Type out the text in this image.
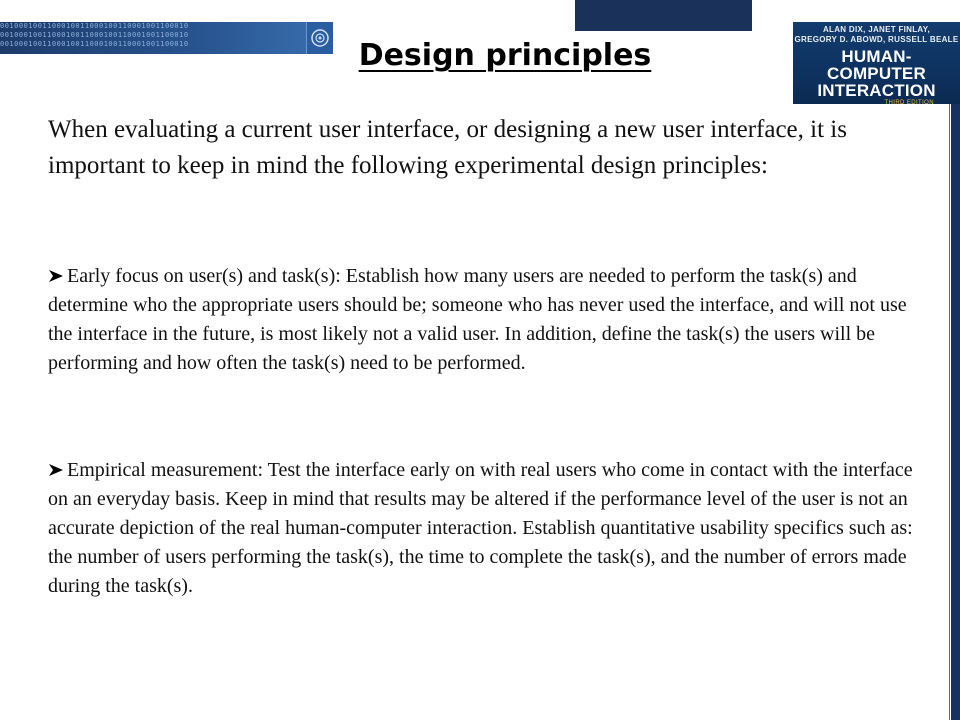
0010001001100010011000100110001001100010
0010001001100010011000100110001001100010
0010001001100010011000100110001001100010
ALAN DIX, JANET FINLAY,
GREGORY D. ABOWD, RUSSELL BEALE
HUMAN-COMPUTER
INTERACTION
THIRD EDITION
Design principles

When evaluating a current user interface, or designing a new user interface, it is important to keep in mind the following experimental design principles:

Early focus on user(s) and task(s): Establish how many users are needed to perform the task(s) and determine who the appropriate users should be; someone who has never used the interface, and will not use the interface in the future, is most likely not a valid user. In addition, define the task(s) the users will be performing and how often the task(s) need to be performed.

Empirical measurement: Test the interface early on with real users who come in contact with the interface on an everyday basis. Keep in mind that results may be altered if the performance level of the user is not an accurate depiction of the real human-computer interaction. Establish quantitative usability specifics such as: the number of users performing the task(s), the time to complete the task(s), and the number of errors made during the task(s).
